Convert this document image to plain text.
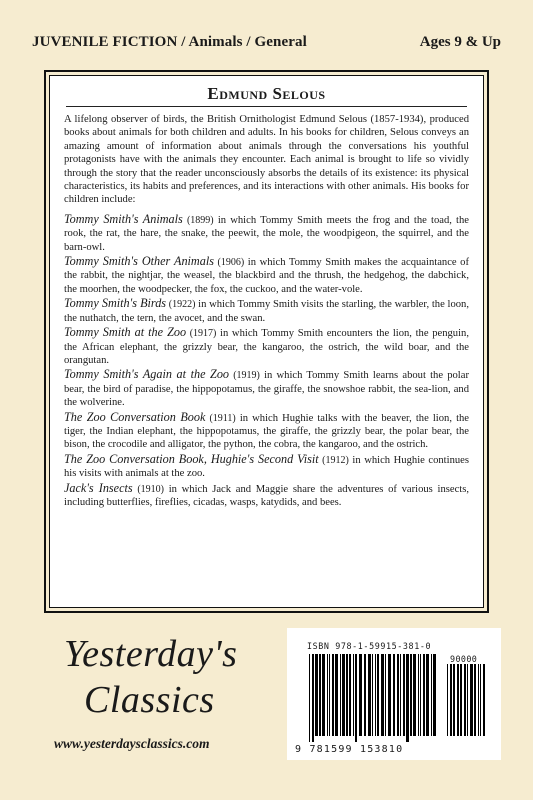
JUVENILE FICTION / Animals / General	Ages 9 & Up
Edmund Selous

A lifelong observer of birds, the British Ornithologist Edmund Selous (1857-1934), produced books about animals for both children and adults. In his books for children, Selous conveys an amazing amount of information about animals through the conversations his youthful protagonists have with the animals they encounter. Each animal is brought to life so vividly through the story that the reader unconsciously absorbs the details of its existence: its physical characteristics, its habits and preferences, and its interactions with other animals. His books for children include:

Tommy Smith's Animals (1899) in which Tommy Smith meets the frog and the toad, the rook, the rat, the hare, the snake, the peewit, the mole, the woodpigeon, the squirrel, and the barn-owl.

Tommy Smith's Other Animals (1906) in which Tommy Smith makes the acquaintance of the rabbit, the nightjar, the weasel, the blackbird and the thrush, the hedgehog, the dabchick, the moorhen, the woodpecker, the fox, the cuckoo, and the water-vole.

Tommy Smith's Birds (1922) in which Tommy Smith visits the starling, the warbler, the loon, the nuthatch, the tern, the avocet, and the swan.

Tommy Smith at the Zoo (1917) in which Tommy Smith encounters the lion, the penguin, the African elephant, the grizzly bear, the kangaroo, the ostrich, the wild boar, and the orangutan.

Tommy Smith's Again at the Zoo (1919) in which Tommy Smith learns about the polar bear, the bird of paradise, the hippopotamus, the giraffe, the snowshoe rabbit, the sea-lion, and the wolverine.

The Zoo Conversation Book (1911) in which Hughie talks with the beaver, the lion, the tiger, the Indian elephant, the hippopotamus, the giraffe, the grizzly bear, the polar bear, the bison, the crocodile and alligator, the python, the cobra, the kangaroo, and the ostrich.

The Zoo Conversation Book, Hughie's Second Visit (1912) in which Hughie continues his visits with animals at the zoo.

Jack's Insects (1910) in which Jack and Maggie share the adventures of various insects, including butterflies, fireflies, cicadas, wasps, katydids, and bees.

Yesterday's
Classics
www.yesterdaysclassics.com
ISBN 978-1-59915-381-0
90000
9 781599 153810
